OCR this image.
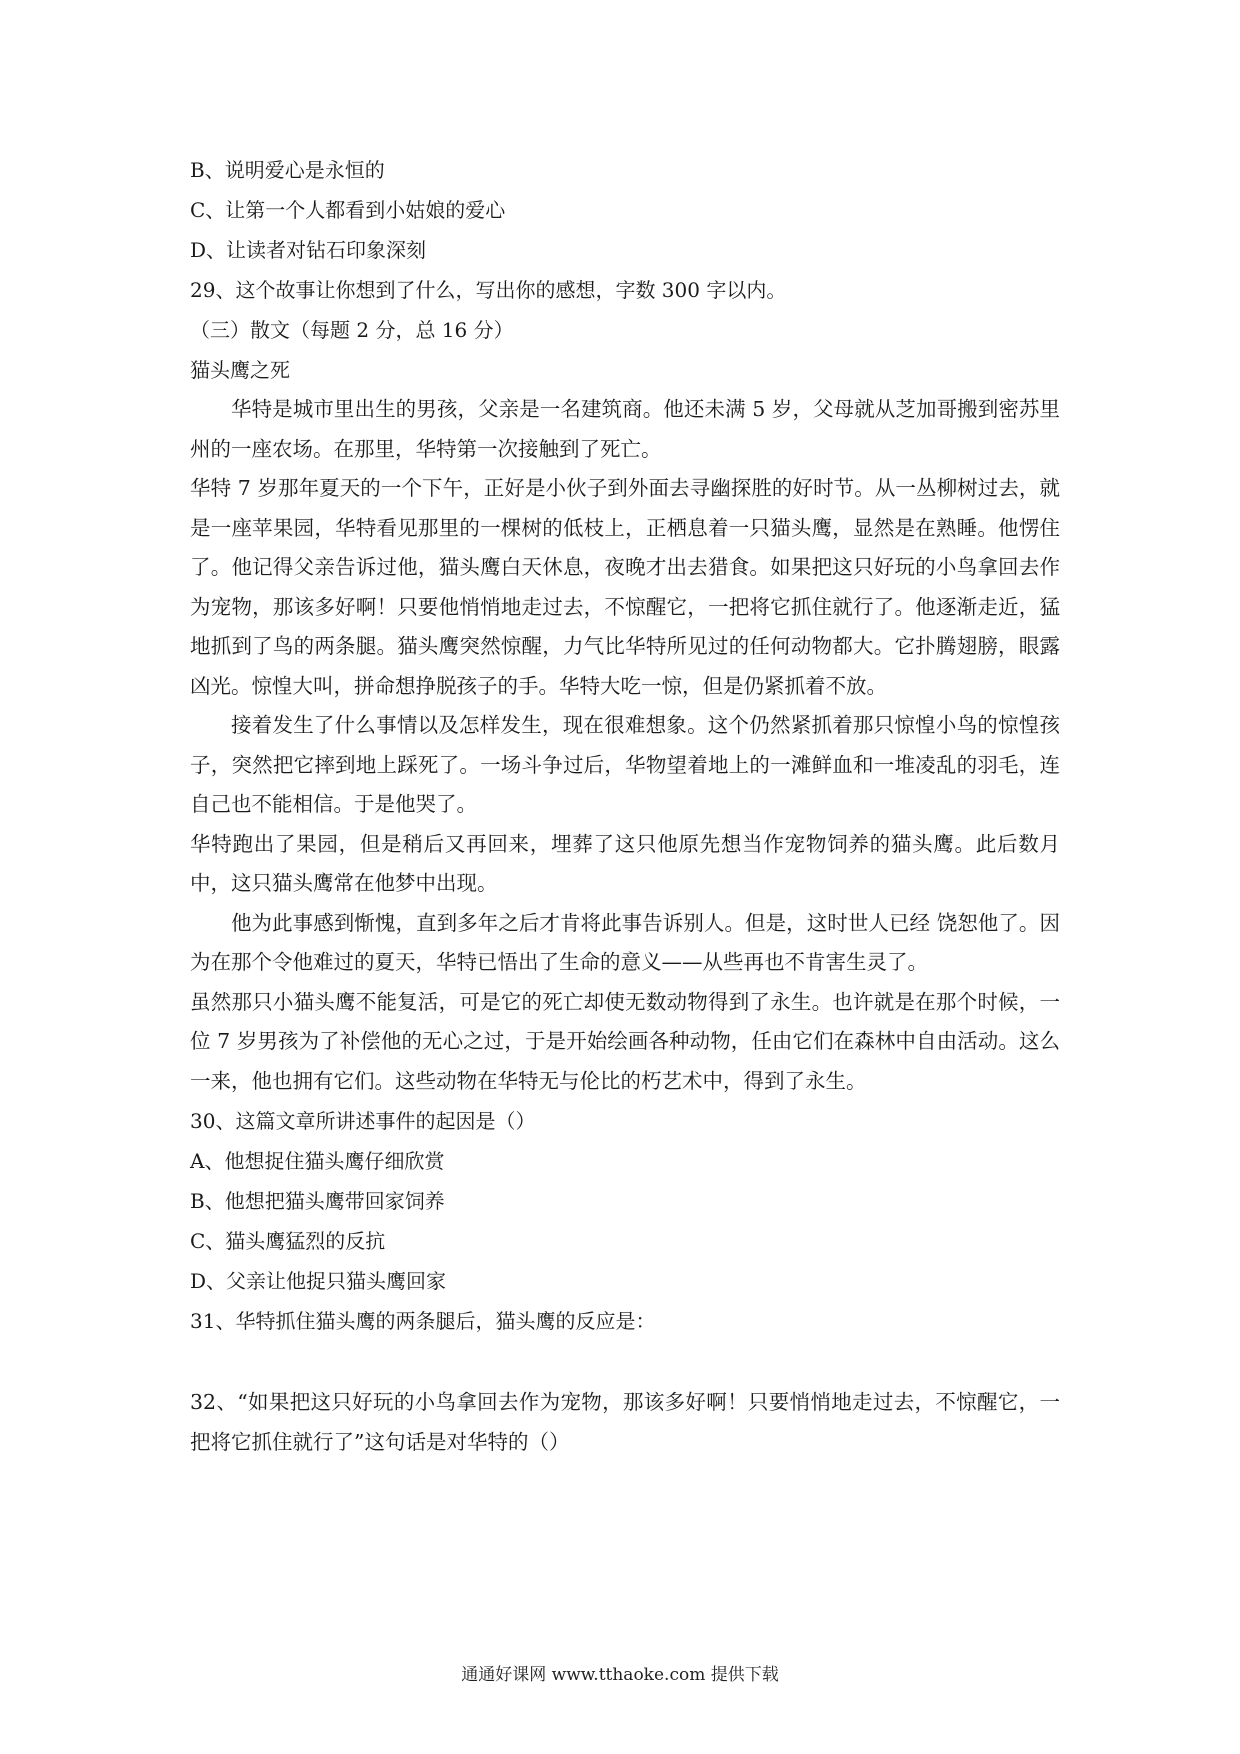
B、说明爱心是永恒的
C、让第一个人都看到小姑娘的爱心
D、让读者对钻石印象深刻
29、这个故事让你想到了什么，写出你的感想，字数 300 字以内。
（三）散文（每题 2 分，总 16 分）
猫头鹰之死

华特是城市里出生的男孩，父亲是一名建筑商。他还未满 5 岁，父母就从芝加哥搬到密苏里州的一座农场。在那里，华特第一次接触到了死亡。

华特 7 岁那年夏天的一个下午，正好是小伙子到外面去寻幽探胜的好时节。从一丛柳树过去，就是一座苹果园，华特看见那里的一棵树的低枝上，正栖息着一只猫头鹰，显然是在熟睡。他愣住了。他记得父亲告诉过他，猫头鹰白天休息，夜晚才出去猎食。如果把这只好玩的小鸟拿回去作为宠物，那该多好啊！只要他悄悄地走过去，不惊醒它，一把将它抓住就行了。他逐渐走近，猛地抓到了鸟的两条腿。猫头鹰突然惊醒，力气比华特所见过的任何动物都大。它扑腾翅膀，眼露凶光。惊惶大叫，拼命想挣脱孩子的手。华特大吃一惊，但是仍紧抓着不放。

接着发生了什么事情以及怎样发生，现在很难想象。这个仍然紧抓着那只惊惶小鸟的惊惶孩子，突然把它摔到地上踩死了。一场斗争过后，华物望着地上的一滩鲜血和一堆凌乱的羽毛，连自己也不能相信。于是他哭了。

华特跑出了果园，但是稍后又再回来，埋葬了这只他原先想当作宠物饲养的猫头鹰。此后数月中，这只猫头鹰常在他梦中出现。

他为此事感到惭愧，直到多年之后才肯将此事告诉别人。但是，这时世人已经 饶恕他了。因为在那个令他难过的夏天，华特已悟出了生命的意义——从些再也不肯害生灵了。

虽然那只小猫头鹰不能复活，可是它的死亡却使无数动物得到了永生。也许就是在那个时候，一位 7 岁男孩为了补偿他的无心之过，于是开始绘画各种动物，任由它们在森林中自由活动。这么一来，他也拥有它们。这些动物在华特无与伦比的朽艺术中，得到了永生。

30、这篇文章所讲述事件的起因是（）
A、他想捉住猫头鹰仔细欣赏
B、他想把猫头鹰带回家饲养
C、猫头鹰猛烈的反抗
D、父亲让他捉只猫头鹰回家
31、华特抓住猫头鹰的两条腿后，猫头鹰的反应是：

32、“如果把这只好玩的小鸟拿回去作为宠物，那该多好啊！只要悄悄地走过去，不惊醒它，一把将它抓住就行了”这句话是对华特的（）

通通好课网 www.tthaoke.com 提供下载
